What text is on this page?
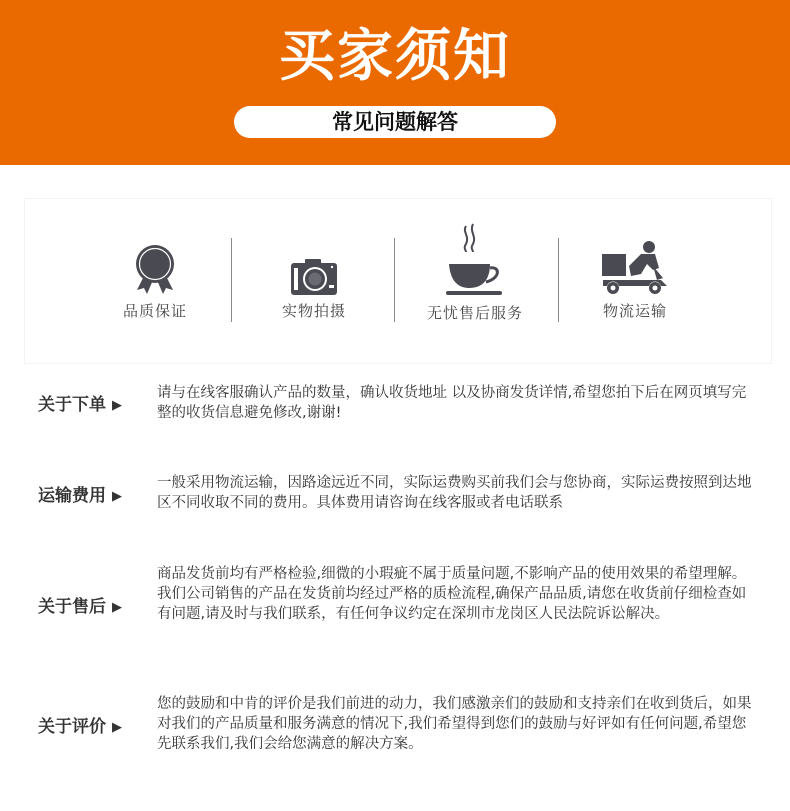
买家须知
常见问题解答
品质保证	实物拍摄	无忧售后服务	物流运输
关于下单 ▶
请与在线客服确认产品的数量，确认收货地址 以及协商发货详情,希望您拍下后在网页填写完整的收货信息避免修改,谢谢!
运输费用 ▶
一般采用物流运输，因路途远近不同，实际运费购买前我们会与您协商，实际运费按照到达地区不同收取不同的费用。具体费用请咨询在线客服或者电话联系
关于售后 ▶
商品发货前均有严格检验,细微的小瑕疵不属于质量问题,不影响产品的使用效果的希望理解。我们公司销售的产品在发货前均经过严格的质检流程,确保产品品质,请您在收货前仔细检查如有问题,请及时与我们联系，有任何争议约定在深圳市龙岗区人民法院诉讼解决。
关于评价 ▶
您的鼓励和中肯的评价是我们前进的动力，我们感激亲们的鼓励和支持亲们在收到货后，如果对我们的产品质量和服务满意的情况下,我们希望得到您们的鼓励与好评如有任何问题,希望您先联系我们,我们会给您满意的解决方案。
